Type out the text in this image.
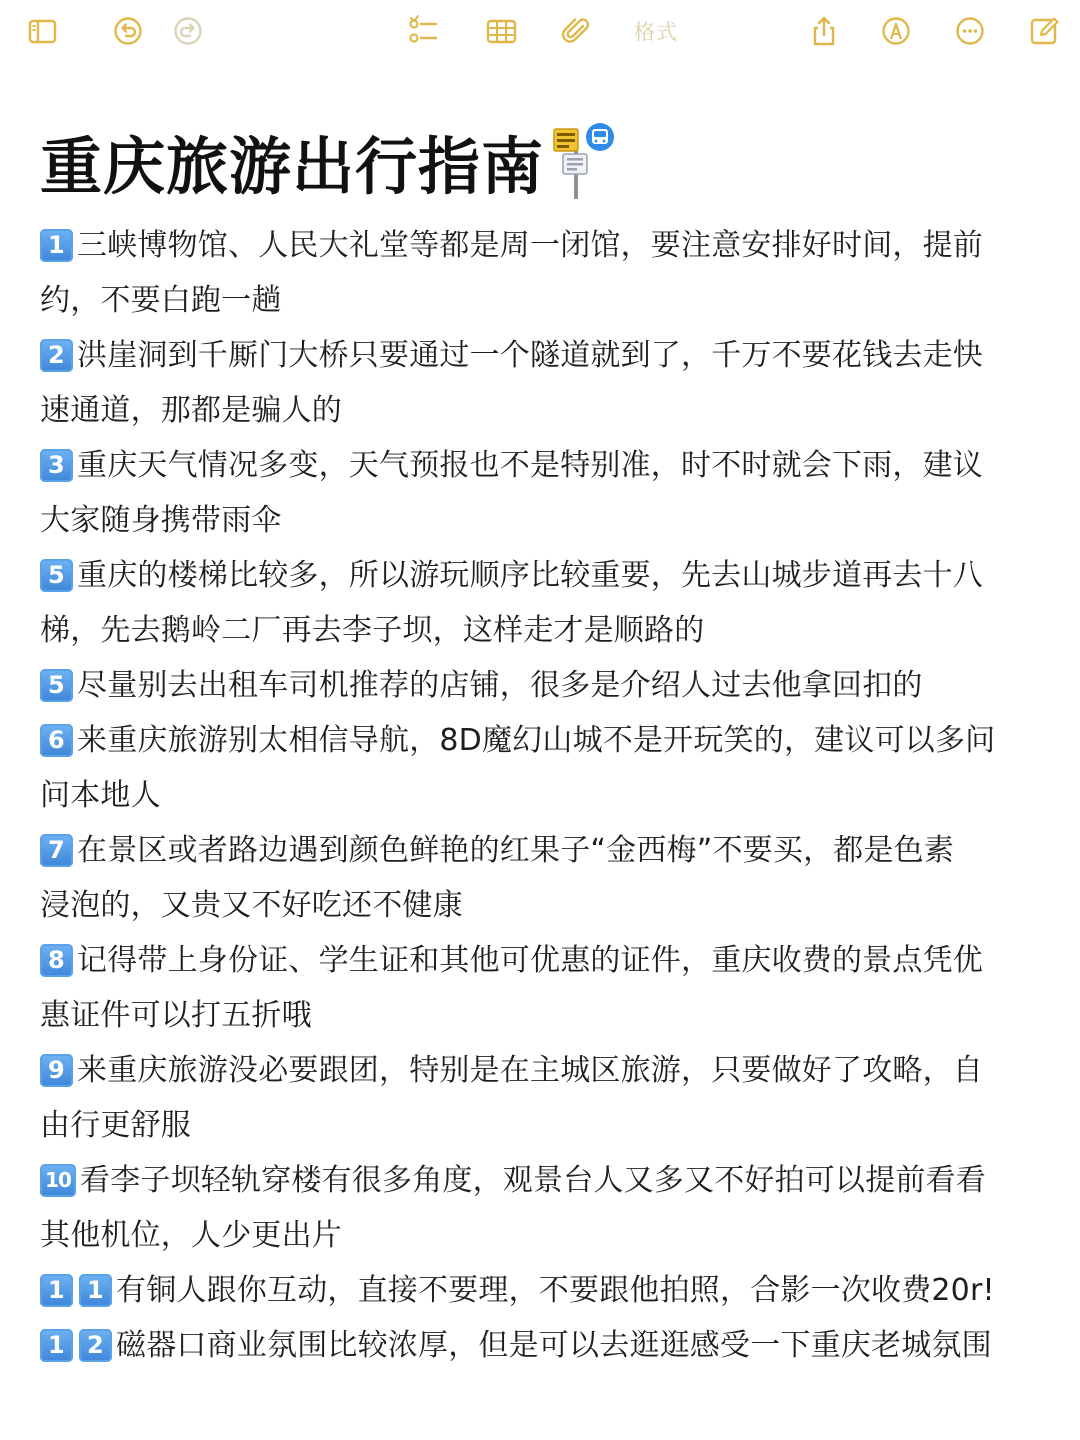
格式
重庆旅游出行指南
1 三峡博物馆、人民大礼堂等都是周一闭馆，要注意安排好时间，提前
约，不要白跑一趟
2 洪崖洞到千厮门大桥只要通过一个隧道就到了，千万不要花钱去走快
速通道，那都是骗人的
3 重庆天气情况多变，天气预报也不是特别准，时不时就会下雨，建议
大家随身携带雨伞
5 重庆的楼梯比较多，所以游玩顺序比较重要，先去山城步道再去十八
梯，先去鹅岭二厂再去李子坝，这样走才是顺路的
5 尽量别去出租车司机推荐的店铺，很多是介绍人过去他拿回扣的
6 来重庆旅游别太相信导航，8D魔幻山城不是开玩笑的，建议可以多问
问本地人
7 在景区或者路边遇到颜色鲜艳的红果子“金西梅”不要买，都是色素
浸泡的，又贵又不好吃还不健康
8 记得带上身份证、学生证和其他可优惠的证件，重庆收费的景点凭优
惠证件可以打五折哦
9 来重庆旅游没必要跟团，特别是在主城区旅游，只要做好了攻略，自
由行更舒服
10 看李子坝轻轨穿楼有很多角度，观景台人又多又不好拍可以提前看看
其他机位，人少更出片
1 1 有铜人跟你互动，直接不要理，不要跟他拍照，合影一次收费20r!
1 2 磁器口商业氛围比较浓厚，但是可以去逛逛感受一下重庆老城氛围
